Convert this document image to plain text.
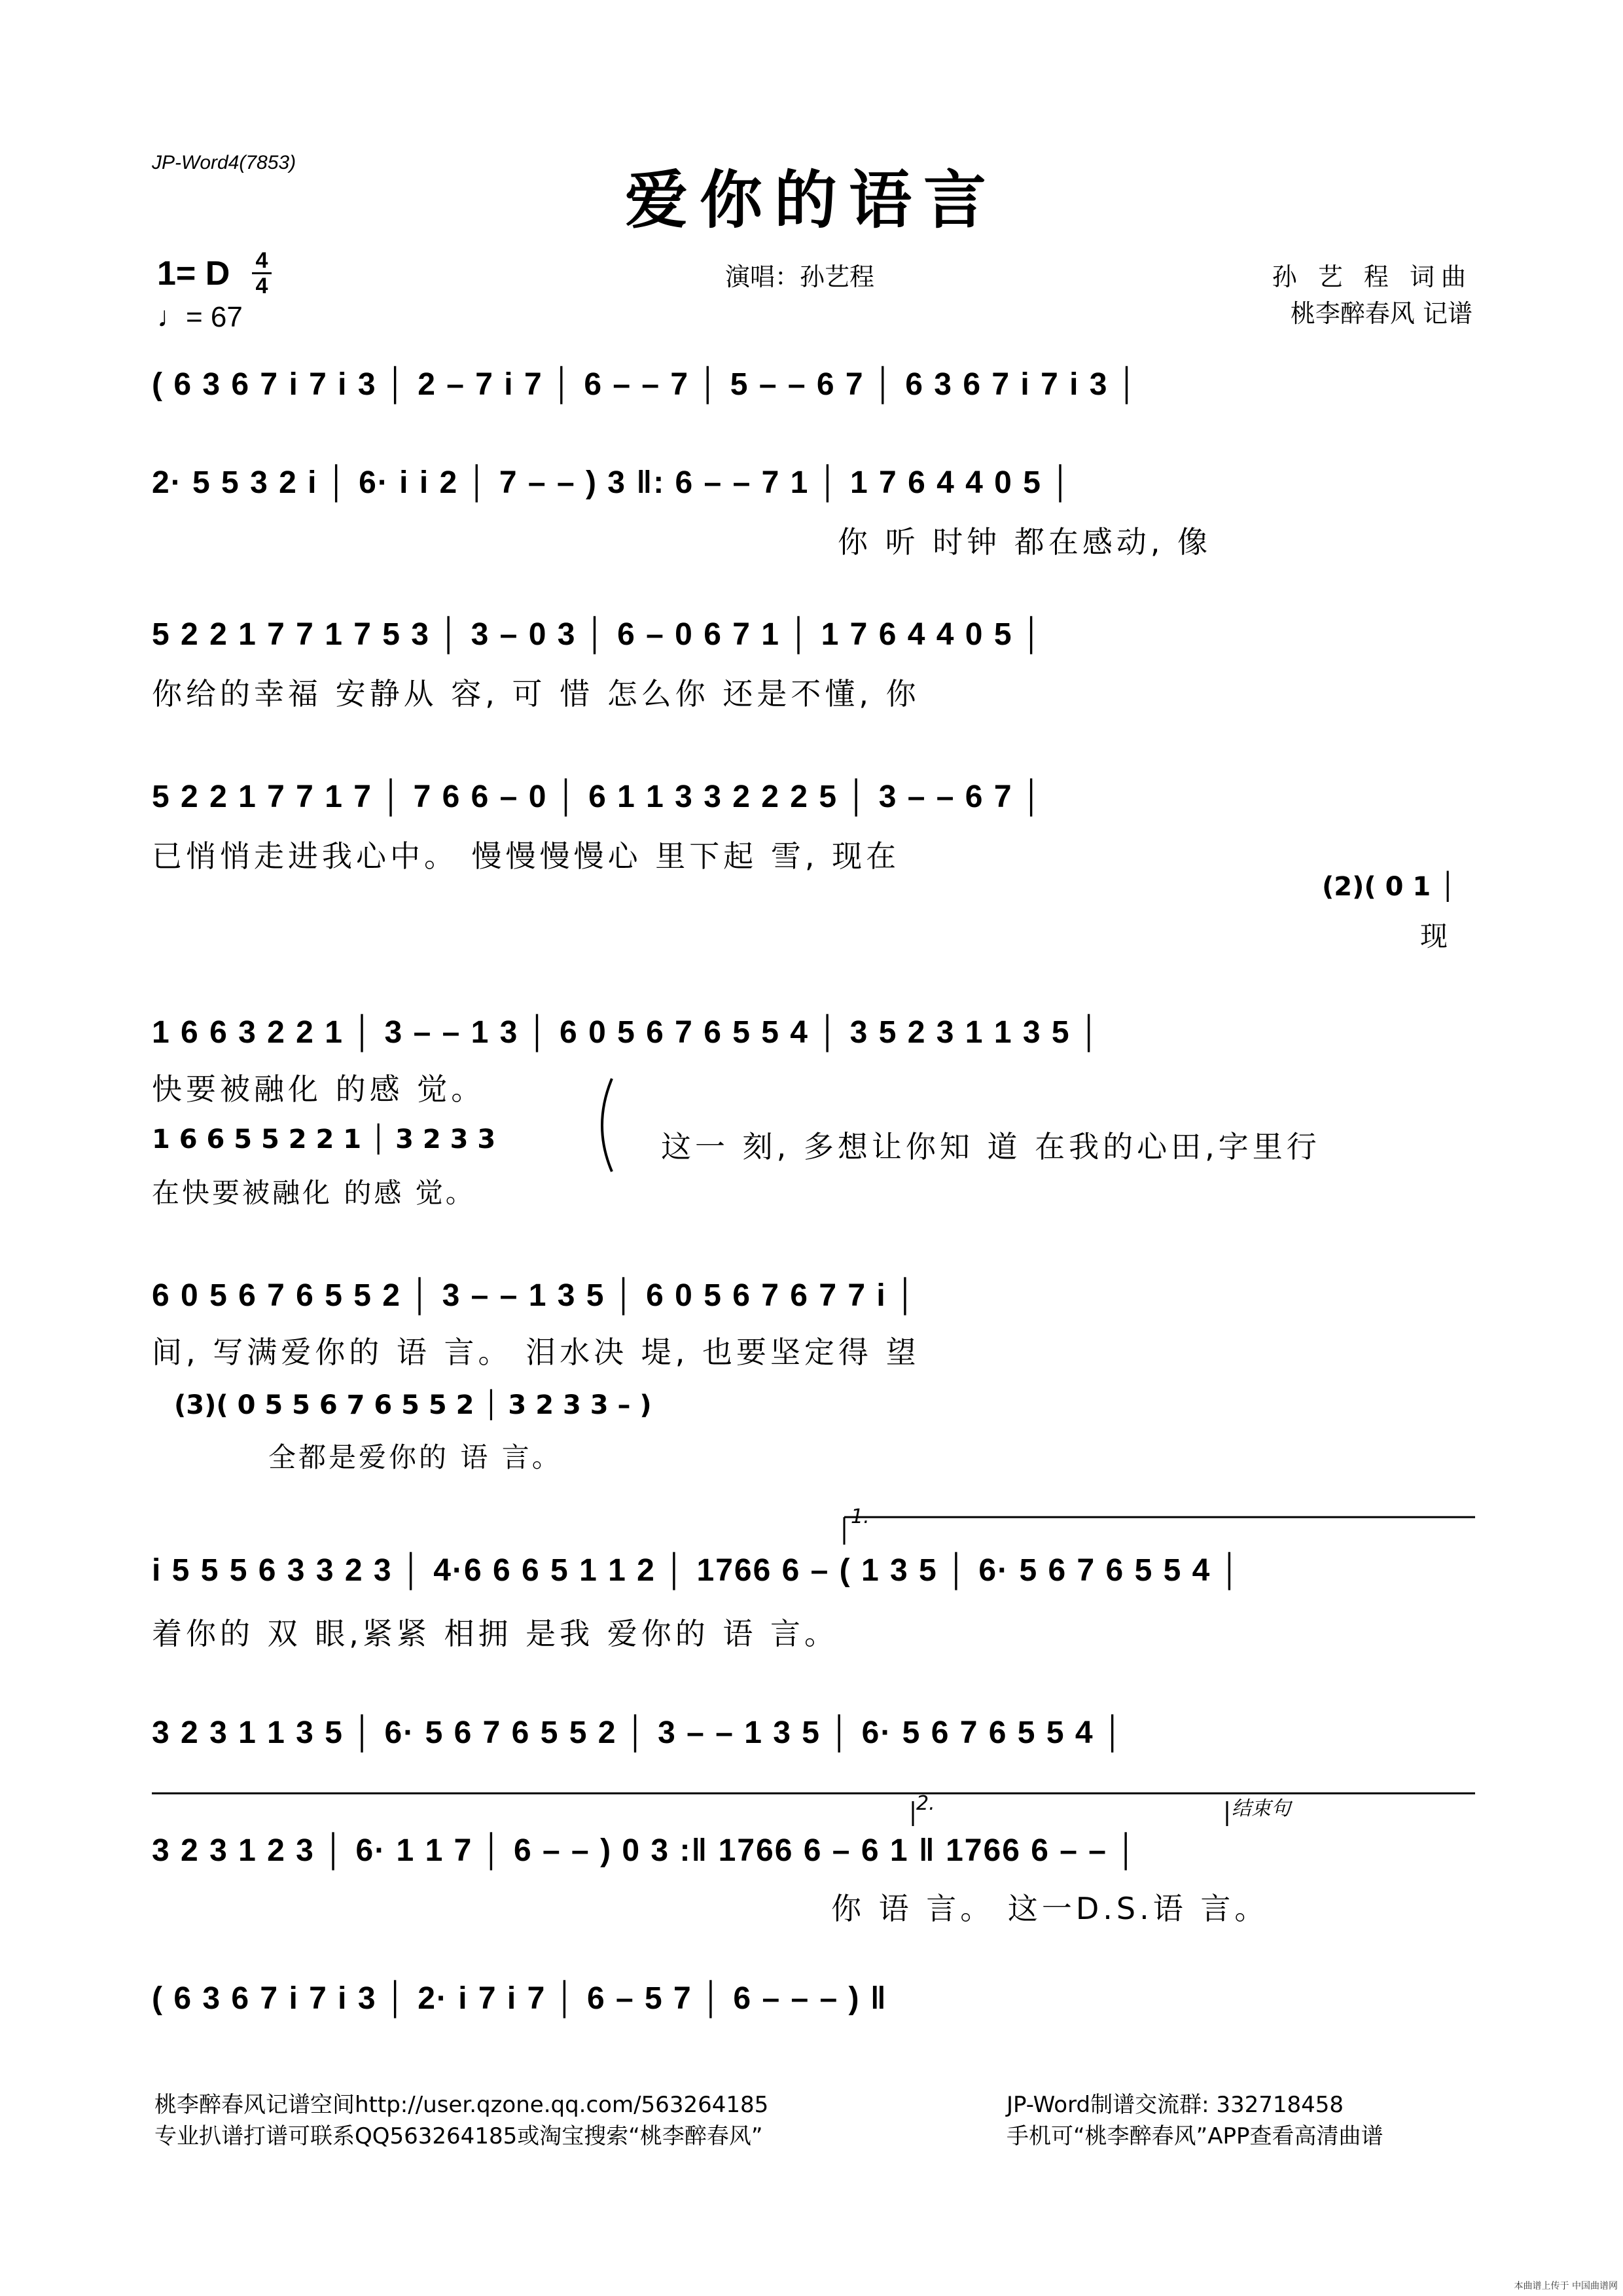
JP-Word4(7853)
爱你的语言
1= D 4
4
♩= 67
演唱：孙艺程	孙 艺 程 词曲
桃李醉春风 记谱
( 6 3 6 7 i 7 i 3 │ 2 – 7 i 7 │ 6 – – 7 │ 5 – – 6 7 │ 6 3 6 7 i 7 i 3 │
2· 5 5 3 2 i │ 6· i i 2 │ 7 – – ) 3 ‖: 6 – – 7 1 │ 1 7 6 4 4 0 5 │
你 听 时钟 都在感动, 像
5 2 2 1 7 7 1 7 5 3 │ 3 – 0 3 │ 6 – 0 6 7 1 │ 1 7 6 4 4 0 5 │
你给的幸福 安静从 容, 可 惜 怎么你 还是不懂, 你
5 2 2 1 7 7 1 7 │ 7 6 6 – 0 │ 6 1 1 3 3 2 2 2 5 │ 3 – – 6 7 │
已悄悄走进我心中。 慢慢慢慢心 里下起 雪, 现在
(2)( 0 1 │
现
1 6 6 3 2 2 1 │ 3 – – 1 3 │ 6 0 5 6 7 6 5 5 4 │ 3 5 2 3 1 1 3 5 │
快要被融化 的感 觉。
1 6 6 5 5 2 2 1 │ 3 2 3 3
在快要被融化 的感 觉。
这一 刻, 多想让你知 道 在我的心田,字里行
6 0 5 6 7 6 5 5 2 │ 3 – – 1 3 5 │ 6 0 5 6 7 6 7 7 i │
间, 写满爱你的 语 言。 泪水决 堤, 也要坚定得 望
(3)( 0 5 5 6 7 6 5 5 2 │ 3 2 3 3 – )
全都是爱你的 语 言。
1.
i 5 5 5 6 3 3 2 3 │ 4·6 6 6 5 1 1 2 │ 1766 6 – ( 1 3 5 │ 6· 5 6 7 6 5 5 4 │
着你的 双 眼,紧紧 相拥 是我 爱你的 语 言。
3 2 3 1 1 3 5 │ 6· 5 6 7 6 5 5 2 │ 3 – – 1 3 5 │ 6· 5 6 7 6 5 5 4 │
2.	结束句
3 2 3 1 2 3 │ 6· 1 1 7 │ 6 – – ) 0 3 :‖ 1766 6 – 6 1 ‖ 1766 6 – – │
你 语 言。 这一D.S.语 言。
( 6 3 6 7 i 7 i 3 │ 2· i 7 i 7 │ 6 – 5 7 │ 6 – – – ) ‖
桃李醉春风记谱空间http://user.qzone.qq.com/563264185
专业扒谱打谱可联系QQ563264185或淘宝搜索“桃李醉春风”
JP-Word制谱交流群: 332718458
手机可“桃李醉春风”APP查看高清曲谱
本曲谱上传于 中国曲谱网
